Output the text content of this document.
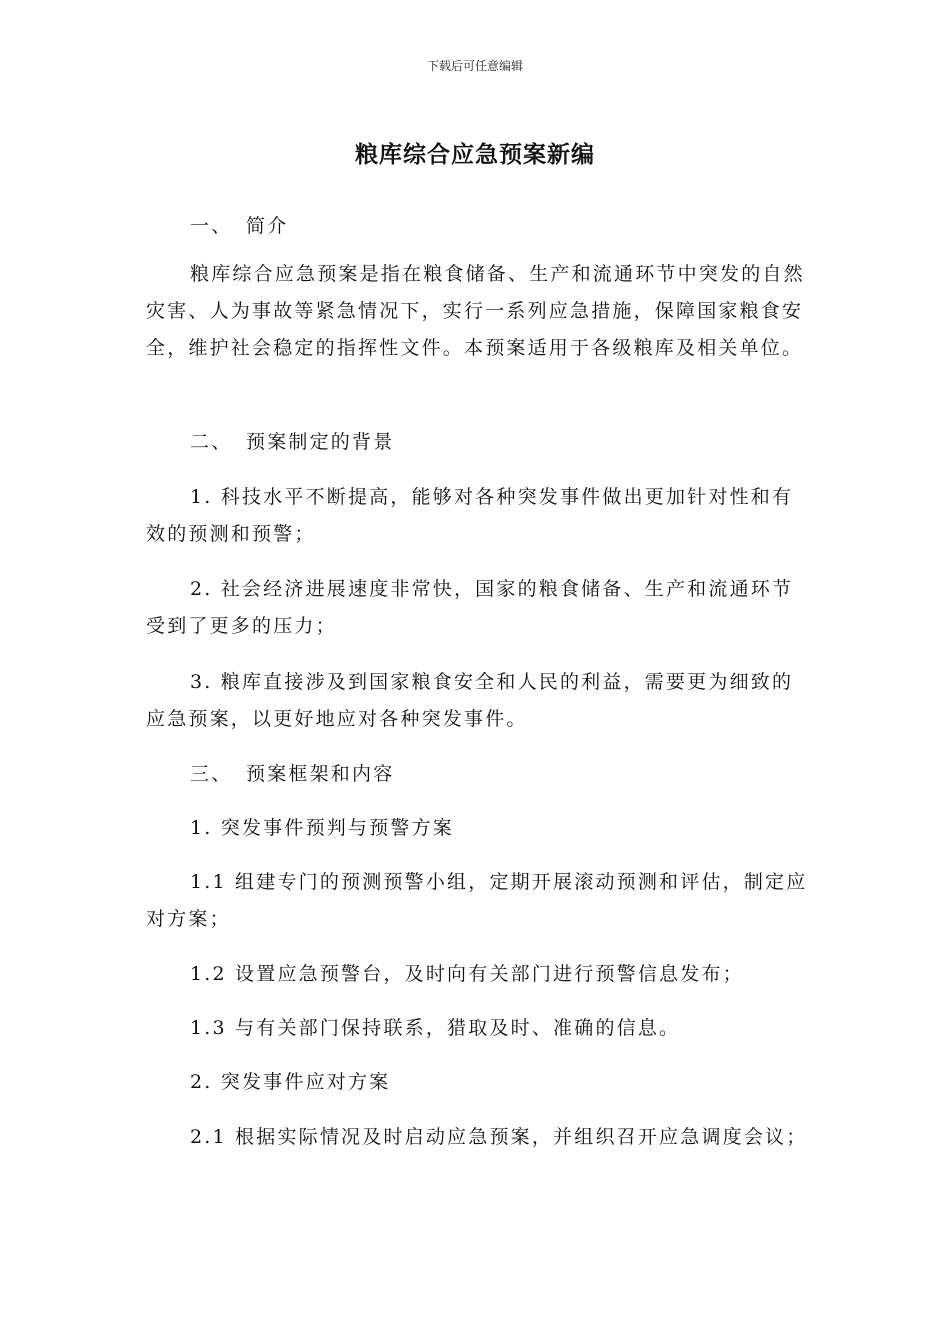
下载后可任意编辑
粮库综合应急预案新编
一、 简介

粮库综合应急预案是指在粮食储备、生产和流通环节中突发的自然灾害、人为事故等紧急情况下，实行一系列应急措施，保障国家粮食安全，维护社会稳定的指挥性文件。本预案适用于各级粮库及相关单位。

二、 预案制定的背景

1. 科技水平不断提高，能够对各种突发事件做出更加针对性和有效的预测和预警；

2. 社会经济进展速度非常快，国家的粮食储备、生产和流通环节受到了更多的压力；

3. 粮库直接涉及到国家粮食安全和人民的利益，需要更为细致的应急预案，以更好地应对各种突发事件。

三、 预案框架和内容

1. 突发事件预判与预警方案

1.1 组建专门的预测预警小组，定期开展滚动预测和评估，制定应对方案；

1.2 设置应急预警台，及时向有关部门进行预警信息发布；

1.3 与有关部门保持联系，猎取及时、准确的信息。

2. 突发事件应对方案

2.1 根据实际情况及时启动应急预案，并组织召开应急调度会议；
